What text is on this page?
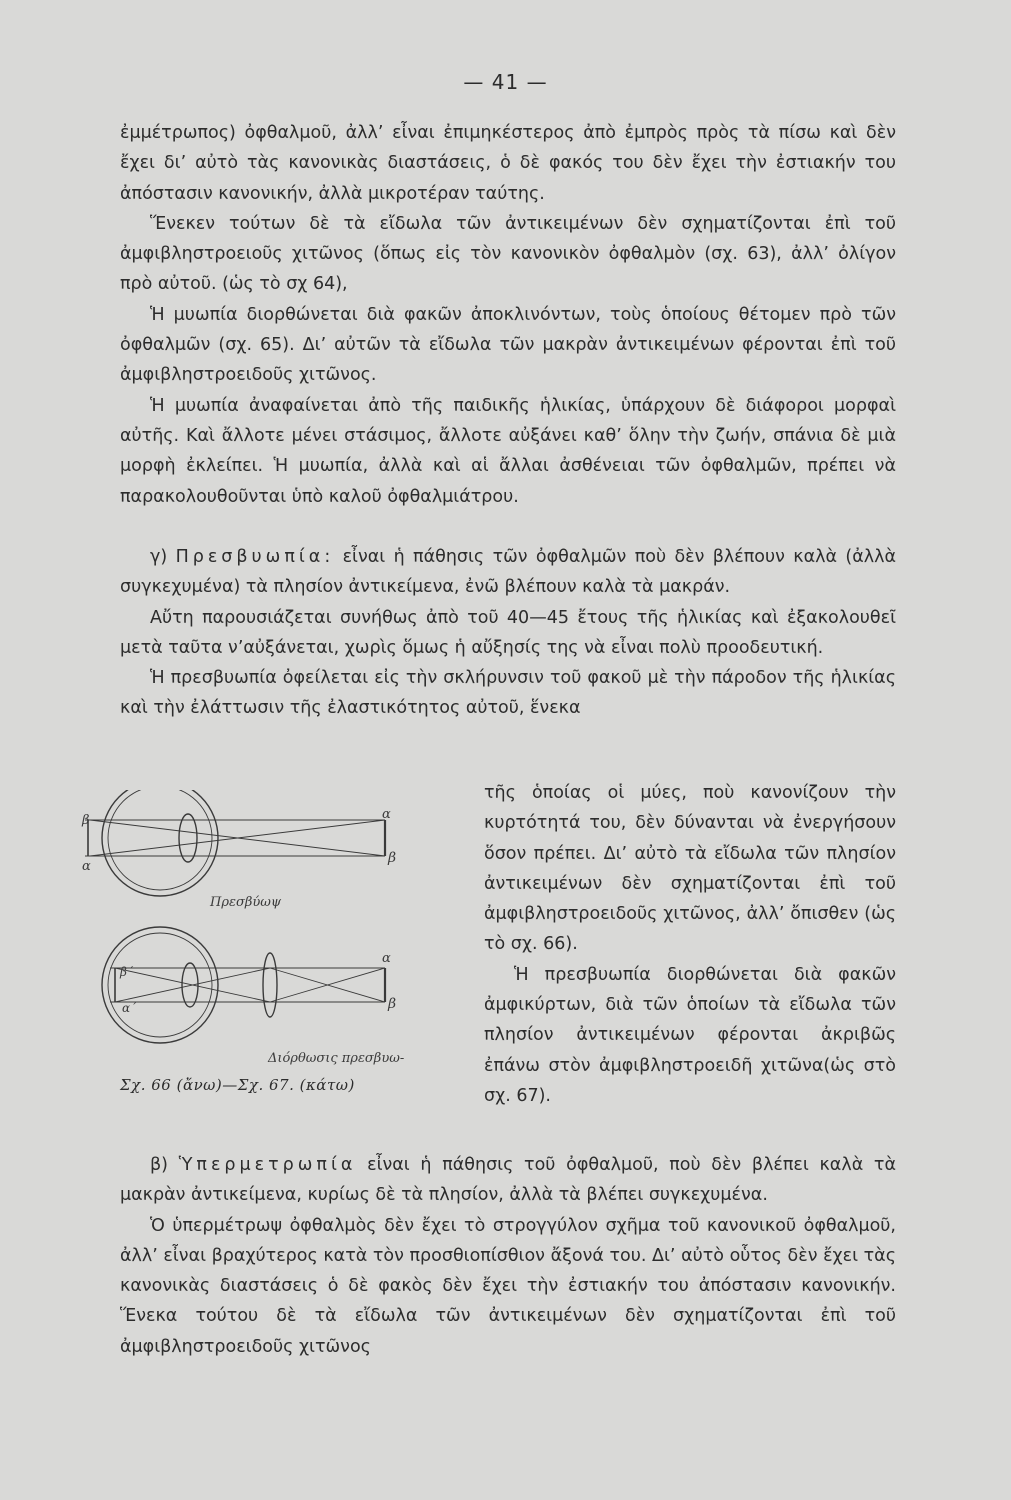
— 41 —

ἐμμέτρωπος) ὀφθαλμοῦ, ἀλλ’ εἶναι ἐπιμηκέστερος ἀπὸ ἐμπρὸς πρὸς τὰ πίσω καὶ δὲν ἔχει δι’ αὐτὸ τὰς κανονικὰς διαστάσεις, ὁ δὲ φακός του δὲν ἔχει τὴν ἐστιακήν του ἀπόστασιν κανονικήν, ἀλλὰ μικροτέραν ταύτης.

Ἕνεκεν τούτων δὲ τὰ εἴδωλα τῶν ἀντικειμένων δὲν σχηματίζονται ἐπὶ τοῦ ἀμφιβληστροειοῦς χιτῶνος (ὅπως εἰς τὸν κανονικὸν ὀφθαλμὸν (σχ. 63), ἀλλ’ ὀλίγον πρὸ αὐτοῦ. (ὡς τὸ σχ 64),

Ἡ μυωπία διορθώνεται διὰ φακῶν ἀποκλινόντων, τοὺς ὁποίους θέτομεν πρὸ τῶν ὀφθαλμῶν (σχ. 65). Δι’ αὐτῶν τὰ εἴδωλα τῶν μακρὰν ἀντικειμένων φέρονται ἐπὶ τοῦ ἀμφιβληστροειδοῦς χιτῶνος.

Ἡ μυωπία ἀναφαίνεται ἀπὸ τῆς παιδικῆς ἡλικίας, ὑπάρχουν δὲ διάφοροι μορφαὶ αὐτῆς. Καὶ ἄλλοτε μένει στάσιμος, ἄλλοτε αὐξάνει καθ’ ὅλην τὴν ζωήν, σπάνια δὲ μιὰ μορφὴ ἐκλείπει. Ἡ μυωπία, ἀλλὰ καὶ αἱ ἄλλαι ἀσθένειαι τῶν ὀφθαλμῶν, πρέπει νὰ παρακολουθοῦνται ὑπὸ καλοῦ ὀφθαλμιάτρου.

γ) Πρεσβυωπία: εἶναι ἡ πάθησις τῶν ὀφθαλμῶν ποὺ δὲν βλέπουν καλὰ (ἀλλὰ συγκεχυμένα) τὰ πλησίον ἀντικείμενα, ἐνῶ βλέπουν καλὰ τὰ μακράν.

Αὔτη παρουσιάζεται συνήθως ἀπὸ τοῦ 40—45 ἔτους τῆς ἡλικίας καὶ ἐξακολουθεῖ μετὰ ταῦτα ν’αὐξάνεται, χωρὶς ὅμως ἡ αὔξησίς της νὰ εἶναι πολὺ προοδευτική.

Ἡ πρεσβυωπία ὀφείλεται εἰς τὴν σκλήρυνσιν τοῦ φακοῦ μὲ τὴν πάροδον τῆς ἡλικίας καὶ τὴν ἐλάττωσιν τῆς ἐλαστικότητος αὐτοῦ, ἕνεκα

β
α
α
β
Πρεσβύωψ
β΄
α΄
α
β
Διόρθωσις πρεσβυω-
Σχ. 66 (ἄνω)—Σχ. 67. (κάτω)

τῆς ὁποίας οἱ μύες, ποὺ κανονίζουν τὴν κυρτότητά του, δὲν δύνανται νὰ ἐνεργήσουν ὅσον πρέπει. Δι’ αὐτὸ τὰ εἴδωλα τῶν πλησίον ἀντικειμένων δὲν σχηματίζονται ἐπὶ τοῦ ἀμφιβληστροειδοῦς χιτῶνος, ἀλλ’ ὄπισθεν (ὡς τὸ σχ. 66).

Ἡ πρεσβυωπία διορθώνεται διὰ φακῶν ἀμφικύρτων, διὰ τῶν ὁποίων τὰ εἴδωλα τῶν πλησίον ἀντικειμένων φέρονται ἀκριβῶς ἐπάνω στὸν ἀμφιβληστροειδῆ χιτῶνα(ὡς στὸ σχ. 67).

β) Ὑπερμετρωπία εἶναι ἡ πάθησις τοῦ ὀφθαλμοῦ, ποὺ δὲν βλέπει καλὰ τὰ μακρὰν ἀντικείμενα, κυρίως δὲ τὰ πλησίον, ἀλλὰ τὰ βλέπει συγκεχυμένα.

Ὁ ὑπερμέτρωψ ὀφθαλμὸς δὲν ἔχει τὸ στρογγύλον σχῆμα τοῦ κανονικοῦ ὀφθαλμοῦ, ἀλλ’ εἶναι βραχύτερος κατὰ τὸν προσθιοπίσθιον ἄξονά του. Δι’ αὐτὸ οὗτος δὲν ἔχει τὰς κανονικὰς διαστάσεις ὁ δὲ φακὸς δὲν ἔχει τὴν ἐστιακήν του ἀπόστασιν κανονικήν. Ἕνεκα τούτου δὲ τὰ εἴδωλα τῶν ἀντικειμένων δὲν σχηματίζονται ἐπὶ τοῦ ἀμφιβληστροειδοῦς χιτῶνος
